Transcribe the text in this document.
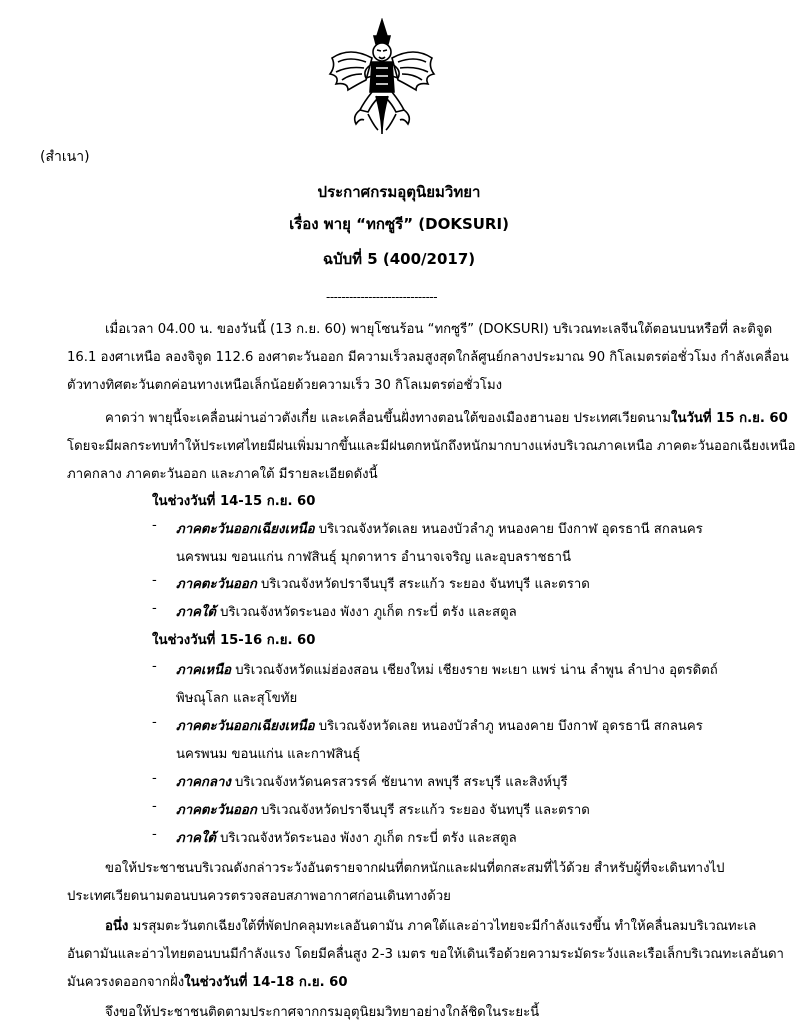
(สำเนา)
ประกาศกรมอุตุนิยมวิทยา
เรื่อง พายุ “ทกซูรี” (DOKSURI)
ฉบับที่ 5 (400/2017)
-----------------------------
เมื่อเวลา 04.00 น. ของวันนี้ (13 ก.ย. 60) พายุโซนร้อน “ทกซูรี” (DOKSURI) บริเวณทะเลจีนใต้ตอนบนหรือที่ ละติจูด
16.1 องศาเหนือ ลองจิจูด 112.6 องศาตะวันออก มีความเร็วลมสูงสุดใกล้ศูนย์กลางประมาณ 90 กิโลเมตรต่อชั่วโมง กำลังเคลื่อน
ตัวทางทิศตะวันตกค่อนทางเหนือเล็กน้อยด้วยความเร็ว 30 กิโลเมตรต่อชั่วโมง
คาดว่า พายุนี้จะเคลื่อนผ่านอ่าวตังเกี๋ย และเคลื่อนขึ้นฝั่งทางตอนใต้ของเมืองฮานอย ประเทศเวียดนามในวันที่ 15 ก.ย. 60
โดยจะมีผลกระทบทำให้ประเทศไทยมีฝนเพิ่มมากขึ้นและมีฝนตกหนักถึงหนักมากบางแห่งบริเวณภาคเหนือ ภาคตะวันออกเฉียงเหนือ
ภาคกลาง ภาคตะวันออก และภาคใต้ มีรายละเอียดดังนี้
ในช่วงวันที่ 14-15 ก.ย. 60
- ภาคตะวันออกเฉียงเหนือ บริเวณจังหวัดเลย หนองบัวลำภู หนองคาย บึงกาฬ อุดรธานี สกลนคร
นครพนม ขอนแก่น กาฬสินธุ์ มุกดาหาร อำนาจเจริญ และอุบลราชธานี
- ภาคตะวันออก บริเวณจังหวัดปราจีนบุรี สระแก้ว ระยอง จันทบุรี และตราด
- ภาคใต้ บริเวณจังหวัดระนอง พังงา ภูเก็ต กระบี่ ตรัง และสตูล
ในช่วงวันที่ 15-16 ก.ย. 60
- ภาคเหนือ บริเวณจังหวัดแม่ฮ่องสอน เชียงใหม่ เชียงราย พะเยา แพร่ น่าน ลำพูน ลำปาง อุตรดิตถ์
พิษณุโลก และสุโขทัย
- ภาคตะวันออกเฉียงเหนือ บริเวณจังหวัดเลย หนองบัวลำภู หนองคาย บึงกาฬ อุดรธานี สกลนคร
นครพนม ขอนแก่น และกาฬสินธุ์
- ภาคกลาง บริเวณจังหวัดนครสวรรค์ ชัยนาท ลพบุรี สระบุรี และสิงห์บุรี
- ภาคตะวันออก บริเวณจังหวัดปราจีนบุรี สระแก้ว ระยอง จันทบุรี และตราด
- ภาคใต้ บริเวณจังหวัดระนอง พังงา ภูเก็ต กระบี่ ตรัง และสตูล
ขอให้ประชาชนบริเวณดังกล่าวระวังอันตรายจากฝนที่ตกหนักและฝนที่ตกสะสมที่ไว้ด้วย สำหรับผู้ที่จะเดินทางไป
ประเทศเวียดนามตอนบนควรตรวจสอบสภาพอากาศก่อนเดินทางด้วย
อนึ่ง มรสุมตะวันตกเฉียงใต้ที่พัดปกคลุมทะเลอันดามัน ภาคใต้และอ่าวไทยจะมีกำลังแรงขึ้น ทำให้คลื่นลมบริเวณทะเล
อันดามันและอ่าวไทยตอนบนมีกำลังแรง โดยมีคลื่นสูง 2-3 เมตร ขอให้เดินเรือด้วยความระมัดระวังและเรือเล็กบริเวณทะเลอันดา
มันควรงดออกจากฝั่งในช่วงวันที่ 14-18 ก.ย. 60
จึงขอให้ประชาชนติดตามประกาศจากกรมอุตุนิยมวิทยาอย่างใกล้ชิดในระยะนี้
